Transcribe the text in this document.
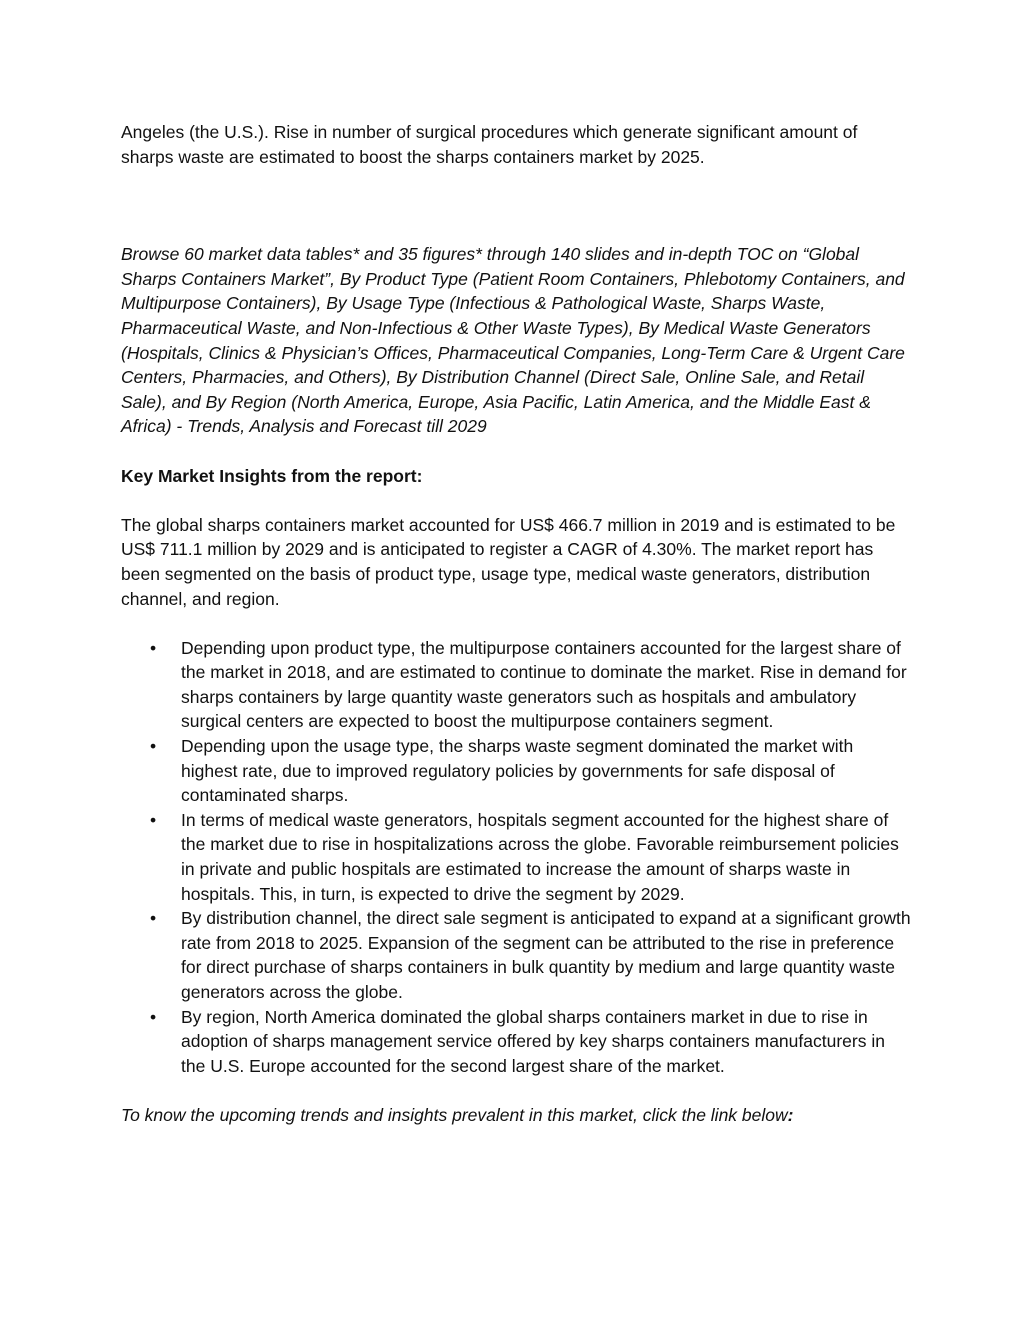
Angeles (the U.S.). Rise in number of surgical procedures which generate significant amount of sharps waste are estimated to boost the sharps containers market by 2025.

Browse 60 market data tables* and 35 figures* through 140 slides and in-depth TOC on “Global Sharps Containers Market”, By Product Type (Patient Room Containers, Phlebotomy Containers, and Multipurpose Containers), By Usage Type (Infectious & Pathological Waste, Sharps Waste, Pharmaceutical Waste, and Non-Infectious & Other Waste Types), By Medical Waste Generators (Hospitals, Clinics & Physician’s Offices, Pharmaceutical Companies, Long-Term Care & Urgent Care Centers, Pharmacies, and Others), By Distribution Channel (Direct Sale, Online Sale, and Retail Sale), and By Region (North America, Europe, Asia Pacific, Latin America, and the Middle East & Africa) - Trends, Analysis and Forecast till 2029

Key Market Insights from the report:

The global sharps containers market accounted for US$ 466.7 million in 2019 and is estimated to be US$ 711.1 million by 2029 and is anticipated to register a CAGR of 4.30%. The market report has been segmented on the basis of product type, usage type, medical waste generators, distribution channel, and region.

• Depending upon product type, the multipurpose containers accounted for the largest share of the market in 2018, and are estimated to continue to dominate the market. Rise in demand for sharps containers by large quantity waste generators such as hospitals and ambulatory surgical centers are expected to boost the multipurpose containers segment.
• Depending upon the usage type, the sharps waste segment dominated the market with highest rate, due to improved regulatory policies by governments for safe disposal of contaminated sharps.
• In terms of medical waste generators, hospitals segment accounted for the highest share of the market due to rise in hospitalizations across the globe. Favorable reimbursement policies in private and public hospitals are estimated to increase the amount of sharps waste in hospitals. This, in turn, is expected to drive the segment by 2029.
• By distribution channel, the direct sale segment is anticipated to expand at a significant growth rate from 2018 to 2025. Expansion of the segment can be attributed to the rise in preference for direct purchase of sharps containers in bulk quantity by medium and large quantity waste generators across the globe.
• By region, North America dominated the global sharps containers market in due to rise in adoption of sharps management service offered by key sharps containers manufacturers in the U.S. Europe accounted for the second largest share of the market.

To know the upcoming trends and insights prevalent in this market, click the link below:
